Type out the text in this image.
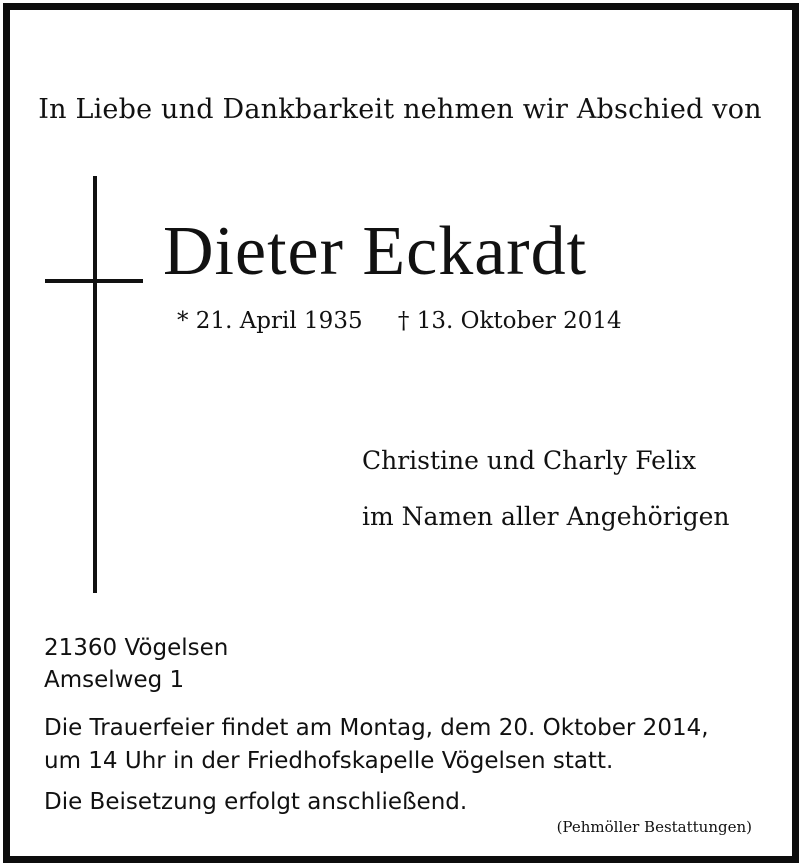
In Liebe und Dankbarkeit nehmen wir Abschied von
Dieter Eckardt
* 21. April 1935 † 13. Oktober 2014
Christine und Charly Felix
im Namen aller Angehörigen
21360 Vögelsen
Amselweg 1
Die Trauerfeier findet am Montag, dem 20. Oktober 2014,
um 14 Uhr in der Friedhofskapelle Vögelsen statt.
Die Beisetzung erfolgt anschließend.
(Pehmöller Bestattungen)
